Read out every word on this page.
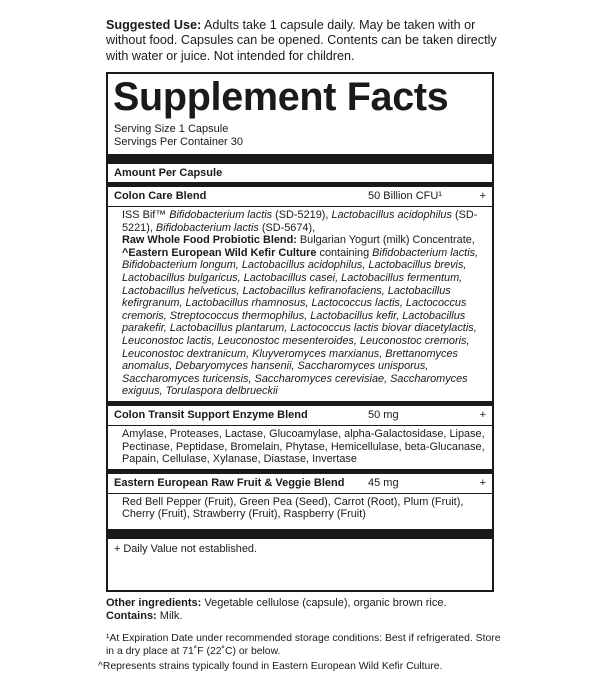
Suggested Use: Adults take 1 capsule daily. May be taken with or without food. Capsules can be opened. Contents can be taken directly with water or juice. Not intended for children.
Supplement Facts
Serving Size 1 Capsule
Servings Per Container 30
Amount Per Capsule
Colon Care Blend	50 Billion CFU¹	+
ISS Bif™ Bifidobacterium lactis (SD-5219), Lactobacillus acidophilus (SD-5221), Bifidobacterium lactis (SD-5674),
Raw Whole Food Probiotic Blend: Bulgarian Yogurt (milk) Concentrate, ^Eastern European Wild Kefir Culture containing Bifidobacterium lactis, Bifidobacterium longum, Lactobacillus acidophilus, Lactobacillus brevis, Lactobacillus bulgaricus, Lactobacillus casei, Lactobacillus fermentum, Lactobacillus helveticus, Lactobacillus kefiranofaciens, Lactobacillus kefirgranum, Lactobacillus rhamnosus, Lactococcus lactis, Lactococcus cremoris, Streptococcus thermophilus, Lactobacillus kefir, Lactobacillus parakefir, Lactobacillus plantarum, Lactococcus lactis biovar diacetylactis, Leuconostoc lactis, Leuconostoc mesenteroides, Leuconostoc cremoris, Leuconostoc dextranicum, Kluyveromyces marxianus, Brettanomyces anomalus, Debaryomyces hansenii, Saccharomyces unisporus, Saccharomyces turicensis, Saccharomyces cerevisiae, Saccharomyces exiguus, Torulaspora delbrueckii
Colon Transit Support Enzyme Blend	50 mg	+
Amylase, Proteases, Lactase, Glucoamylase, alpha-Galactosidase, Lipase, Pectinase, Peptidase, Bromelain, Phytase, Hemicellulase, beta-Glucanase, Papain, Cellulase, Xylanase, Diastase, Invertase
Eastern European Raw Fruit & Veggie Blend 45 mg	+
Red Bell Pepper (Fruit), Green Pea (Seed), Carrot (Root), Plum (Fruit), Cherry (Fruit), Strawberry (Fruit), Raspberry (Fruit)
+ Daily Value not established.
Other ingredients: Vegetable cellulose (capsule), organic brown rice.
Contains: Milk.
¹At Expiration Date under recommended storage conditions: Best if refrigerated. Store in a dry place at 71˚F (22˚C) or below.
^Represents strains typically found in Eastern European Wild Kefir Culture.
